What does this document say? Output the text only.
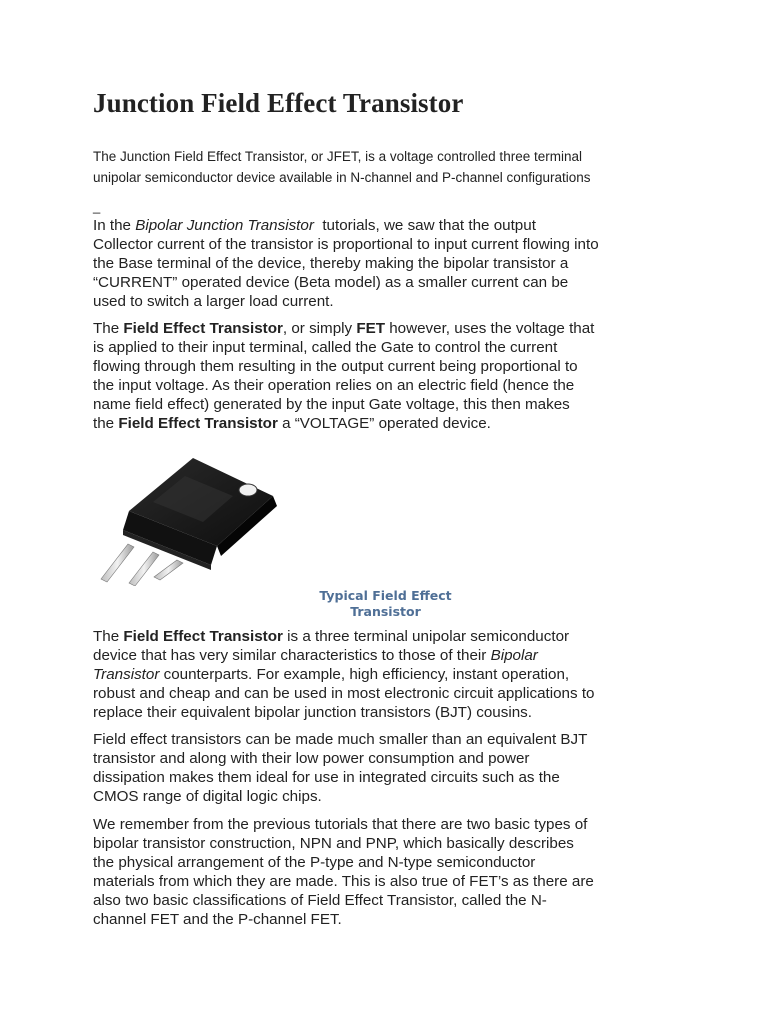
Junction Field Effect Transistor
The Junction Field Effect Transistor, or JFET, is a voltage controlled three terminal
unipolar semiconductor device available in N-channel and P-channel configurations
_

In the Bipolar Junction Transistor  tutorials, we saw that the output
Collector current of the transistor is proportional to input current flowing into
the Base terminal of the device, thereby making the bipolar transistor a
“CURRENT” operated device (Beta model) as a smaller current can be
used to switch a larger load current.

The Field Effect Transistor, or simply FET however, uses the voltage that
is applied to their input terminal, called the Gate to control the current
flowing through them resulting in the output current being proportional to
the input voltage. As their operation relies on an electric field (hence the
name field effect) generated by the input Gate voltage, this then makes
the Field Effect Transistor a “VOLTAGE” operated device.

Typical Field Effect
Transistor

The Field Effect Transistor is a three terminal unipolar semiconductor
device that has very similar characteristics to those of their Bipolar
Transistor counterparts. For example, high efficiency, instant operation,
robust and cheap and can be used in most electronic circuit applications to
replace their equivalent bipolar junction transistors (BJT) cousins.

Field effect transistors can be made much smaller than an equivalent BJT
transistor and along with their low power consumption and power
dissipation makes them ideal for use in integrated circuits such as the
CMOS range of digital logic chips.

We remember from the previous tutorials that there are two basic types of
bipolar transistor construction, NPN and PNP, which basically describes
the physical arrangement of the P-type and N-type semiconductor
materials from which they are made. This is also true of FET’s as there are
also two basic classifications of Field Effect Transistor, called the N-
channel FET and the P-channel FET.
